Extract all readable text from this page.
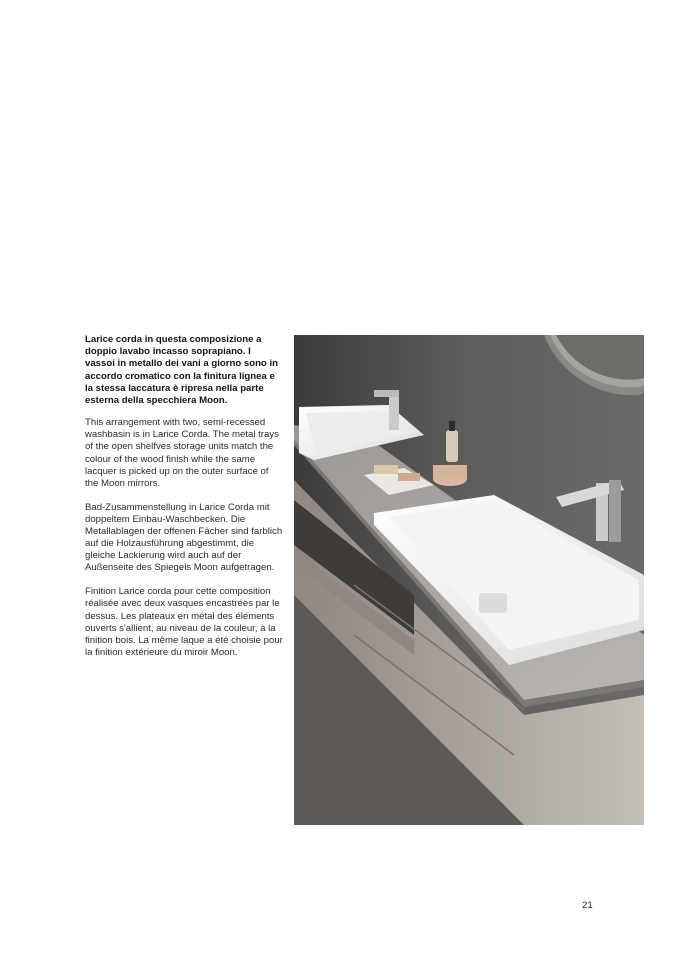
Larice corda in questa composizione a doppio lavabo incasso soprapiano. I vassoi in metallo dei vani a giorno sono in accordo cromatico con la finitura lignea e la stessa laccatura è ripresa nella parte esterna della specchiera Moon.

This arrangement with two, semi-recessed washbasin is in Larice Corda. The metal trays of the open shelfves storage units match the colour of the wood finish while the same lacquer is picked up on the outer surface of the Moon mirrors.

Bad-Zusammenstellung in Larice Corda mit doppeltem Einbau-Waschbecken. Die Metallablagen der offenen Fächer sind farblich auf die Holzausführung abgestimmt, die gleiche Lackierung wird auch auf der Außenseite des Spiegels Moon aufgetragen.

Finition Larice corda pour cette composition réalisée avec deux vasques encastrées par le dessus. Les plateaux en métal des éléments ouverts s'allient, au niveau de la couleur, à la finition bois. La même laque a été choisie pour la finition extérieure du miroir Moon.

21
